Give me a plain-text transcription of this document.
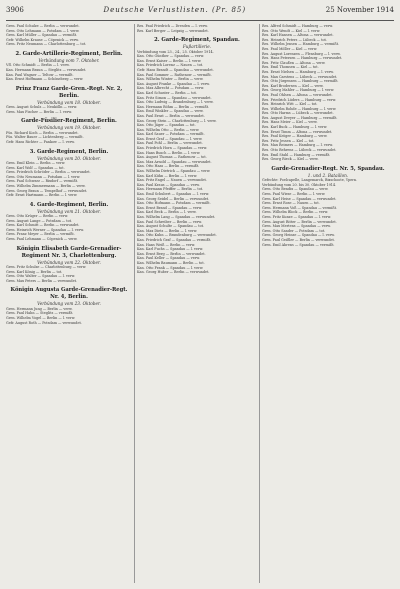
3906	Deutsche Verlustlisten. (Pr. 85)	25 November 1914
Gren. Paul Schulze — Berlin — verwundet.
Gren. Otto Lehmann — Potsdam — l. verw.
Gren. Karl Müller — Spandau — vermißt.
Gefr. Wilhelm Krause — Cöpenick — verw.
Gren. Fritz Neumann — Charlottenburg — tot.
2. Garde-Artillerie-Regiment, Berlin.
Verbündung vom 7. Oktober.
Vfl. Otto Schmidt — Berlin — l. verw.
Kan. Hermann Braun — Steglitz — verwundet.
Kan. Paul Wagner — Teltow — vermißt.
Kan. Ernst Hoffmann — Schöneberg — verw.
Prinz Franz Garde-Gren.-Regt. Nr. 2, Berlin.
Verbündung vom 18. Oktober.
Gren. August Schulz — Neukölln — verw.
Gren. Max Fischer — Berlin — l. verw.
Garde-Füsilier-Regiment, Berlin.
Verbündung vom 19. Oktober.
Füs. Richard Koch — Berlin — verwundet.
Füs. Walter Bauer — Lichtenberg — vermißt.
Gefr. Hans Richter — Pankow — l. verw.
3. Garde-Regiment, Berlin.
Verbündung vom 20. Oktober.
Gren. Emil Klein — Berlin — verw.
Gren. Karl Wolf — Spandau — tot.
Gren. Friedrich Schröder — Berlin — verwundet.
Gren. Otto Neumann — Potsdam — l. verw.
Gren. Paul Schwarz — Rixdorf — vermißt.
Gren. Wilhelm Zimmermann — Berlin — verw.
Gren. Georg Braun — Tempelhof — verwundet.
Gefr. Ernst Hartmann — Berlin — l. verw.
4. Garde-Regiment, Berlin.
Verbündung vom 21. Oktober.
Gren. Otto Krüger — Berlin — verw.
Gren. August Lange — Potsdam — tot.
Gren. Karl Schmitt — Berlin — verwundet.
Gren. Heinrich Werner — Spandau — l. verw.
Gren. Franz Meyer — Berlin — vermißt.
Gren. Paul Lehmann — Cöpenick — verw.
Königin Elisabeth Garde-Grenadier-Regiment Nr. 3, Charlottenburg.
Verbündung vom 22. Oktober.
Gren. Fritz Schulze — Charlottenburg — verw.
Gren. Karl König — Berlin — tot.
Gren. Otto Walter — Spandau — l. verw.
Gren. Max Peters — Berlin — verwundet.
Königin Augusta Garde-Grenadier-Regt. Nr. 4, Berlin.
Verbündung vom 23. Oktober.
Gren. Hermann Jung — Berlin — verw.
Gren. Paul Hahn — Steglitz — vermißt.
Gren. Wilhelm Vogel — Berlin — l. verw.
Gefr. August Roth — Potsdam — verwundet.
Res. Paul Friedrich — Dresden — l. verw.
Res. Karl Berger — Leipzig — verwundet.
2. Garde-Regiment, Spandau.
Fußartillerie.
Verbündung vom 23., 24., 25. Oktober 1914.
Kan. Otto Günther — Spandau — verw.
Kan. Ernst Kaiser — Berlin — l. verw.
Kan. Friedrich Lorenz — Nauen — tot.
Gefr. Hans Brandt — Spandau — verwundet.
Kan. Paul Sommer — Rathenow — vermißt.
Kan. Wilhelm Winter — Berlin — verw.
Kan. August Franke — Spandau — l. verw.
Kan. Max Albrecht — Potsdam — verw.
Kan. Karl Schuster — Berlin — tot.
Kan. Fritz Simon — Spandau — verwundet.
Kan. Otto Ludwig — Brandenburg — l. verw.
Kan. Hermann Böhm — Berlin — vermißt.
Kan. Emil Winkler — Spandau — verw.
Kan. Paul Ernst — Berlin — verwundet.
Kan. Georg Stein — Charlottenburg — l. verw.
Kan. Otto Jäger — Spandau — tot.
Kan. Wilhelm Otto — Berlin — verw.
Kan. Karl Sauer — Potsdam — vermißt.
Kan. Ernst Graf — Spandau — l. verw.
Kan. Paul Pohl — Berlin — verwundet.
Kan. Friedrich Horn — Spandau — verw.
Kan. Hans Busch — Berlin — l. verw.
Kan. August Thomas — Rathenow — tot.
Kan. Max Arnold — Spandau — verwundet.
Kan. Otto Haas — Berlin — vermißt.
Kan. Wilhelm Dietrich — Spandau — verw.
Kan. Karl Kühn — Berlin — l. verw.
Kan. Fritz Engel — Nauen — verwundet.
Kan. Paul Kraus — Spandau — verw.
Kan. Hermann Pfeiffer — Berlin — tot.
Kan. Emil Schubert — Spandau — l. verw.
Kan. Georg Seidel — Berlin — verwundet.
Kan. Otto Hofmann — Potsdam — vermißt.
Kan. Ernst Brand — Spandau — verw.
Kan. Karl Beck — Berlin — l. verw.
Kan. Wilhelm Lang — Spandau — verwundet.
Kan. Paul Schreiber — Berlin — verw.
Kan. August Schulte — Spandau — tot.
Kan. Max Dietz — Berlin — l. verw.
Kan. Otto Kuhn — Brandenburg — verwundet.
Kan. Friedrich Graf — Spandau — vermißt.
Kan. Hans Weiß — Berlin — verw.
Kan. Karl Fuchs — Spandau — l. verw.
Kan. Ernst Berg — Berlin — verwundet.
Kan. Paul Keller — Spandau — verw.
Kan. Wilhelm Baumann — Berlin — tot.
Kan. Otto Frank — Spandau — l. verw.
Kan. Georg Huber — Berlin — verwundet.
Res. Alfred Schmidt — Hamburg — verw.
Res. Otto Wendt — Kiel — l. verw.
Res. Karl Hansen — Altona — verwundet.
Res. Heinrich Peters — Lübeck — tot.
Res. Wilhelm Jensen — Hamburg — vermißt.
Res. Paul Möller — Kiel — verw.
Res. August Lorenzen — Flensburg — l. verw.
Res. Hans Petersen — Hamburg — verwundet.
Res. Fritz Claußen — Altona — verw.
Res. Emil Thomsen — Kiel — tot.
Res. Ernst Nielsen — Hamburg — l. verw.
Res. Max Carstens — Lübeck — verwundet.
Res. Otto Jürgensen — Hamburg — vermißt.
Res. Karl Brodersen — Kiel — verw.
Res. Georg Mahler — Hamburg — l. verw.
Res. Paul Ohlsen — Altona — verwundet.
Res. Friedrich Lüders — Hamburg — verw.
Res. Heinrich Witt — Kiel — tot.
Res. Wilhelm Rohde — Hamburg — l. verw.
Res. Otto Harms — Lübeck — verwundet.
Res. August Dreyer — Hamburg — vermißt.
Res. Hans Meier — Kiel — verw.
Res. Karl Buck — Hamburg — l. verw.
Res. Ernst Timm — Altona — verwundet.
Res. Paul Kröger — Hamburg — verw.
Res. Fritz Jessen — Kiel — tot.
Res. Max Reimers — Hamburg — l. verw.
Res. Otto Behrens — Lübeck — verwundet.
Res. Emil Stahl — Hamburg — vermißt.
Res. Georg Rieck — Kiel — verw.
Garde-Grenadier-Regt. Nr. 5, Spandau.
1. und 2. Bataillon.
Gefechte: Poelcapelle, Langemarck, Bixschoote, Ypern.
Verbündung vom 20. bis 30. Oktober 1914.
Gren. Otto Bendix — Spandau — verw.
Gren. Paul Wiese — Berlin — l. verw.
Gren. Karl Heise — Spandau — verwundet.
Gren. Ernst Rose — Nauen — tot.
Gren. Hermann Voß — Spandau — vermißt.
Gren. Wilhelm Block — Berlin — verw.
Gren. Fritz Kunze — Spandau — l. verw.
Gren. August Ritter — Berlin — verwundet.
Gren. Max Mertens — Spandau — verw.
Gren. Otto Sander — Potsdam — tot.
Gren. Georg Heinze — Spandau — l. verw.
Gren. Paul Geißler — Berlin — verwundet.
Gren. Emil Ahrens — Spandau — vermißt.
